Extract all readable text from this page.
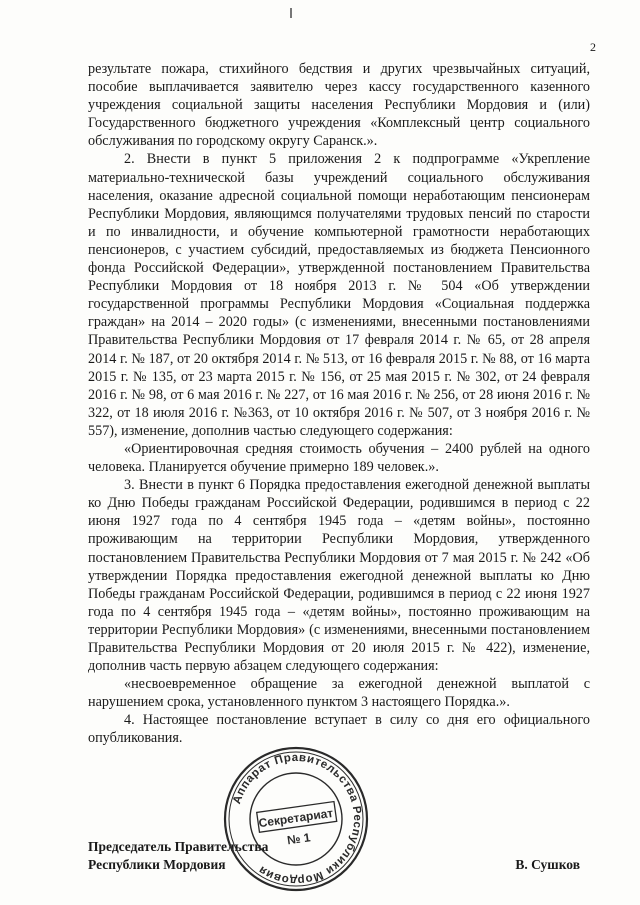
2

результате пожара, стихийного бедствия и других чрезвычайных ситуаций, пособие выплачивается заявителю через кассу государственного казенного учреждения социальной защиты населения Республики Мордовия и (или) Государственного бюджетного учреждения «Комплексный центр социального обслуживания по городскому округу Саранск.».

2. Внести в пункт 5 приложения 2 к подпрограмме «Укрепление материально-технической базы учреждений социального обслуживания населения, оказание адресной социальной помощи неработающим пенсионерам Республики Мордовия, являющимся получателями трудовых пенсий по старости и по инвалидности, и обучение компьютерной грамотности неработающих пенсионеров, с участием субсидий, предоставляемых из бюджета Пенсионного фонда Российской Федерации», утвержденной постановлением Правительства Республики Мордовия от 18 ноября 2013 г. № 504 «Об утверждении государственной программы Республики Мордовия «Социальная поддержка граждан» на 2014 – 2020 годы» (с изменениями, внесенными постановлениями Правительства Республики Мордовия от 17 февраля 2014 г. № 65, от 28 апреля 2014 г. № 187, от 20 октября 2014 г. № 513, от 16 февраля 2015 г. № 88, от 16 марта 2015 г. № 135, от 23 марта 2015 г. № 156, от 25 мая 2015 г. № 302, от 24 февраля 2016 г. № 98, от 6 мая 2016 г. № 227, от 16 мая 2016 г. № 256, от 28 июня 2016 г. № 322, от 18 июля 2016 г. №363, от 10 октября 2016 г. № 507, от 3 ноября 2016 г. № 557), изменение, дополнив частью следующего содержания:

«Ориентировочная средняя стоимость обучения – 2400 рублей на одного человека. Планируется обучение примерно 189 человек.».

3. Внести в пункт 6 Порядка предоставления ежегодной денежной выплаты ко Дню Победы гражданам Российской Федерации, родившимся в период с 22 июня 1927 года по 4 сентября 1945 года – «детям войны», постоянно проживающим на территории Республики Мордовия, утвержденного постановлением Правительства Республики Мордовия от 7 мая 2015 г. № 242 «Об утверждении Порядка предоставления ежегодной денежной выплаты ко Дню Победы гражданам Российской Федерации, родившимся в период с 22 июня 1927 года по 4 сентября 1945 года – «детям войны», постоянно проживающим на территории Республики Мордовия» (с изменениями, внесенными постановлением Правительства Республики Мордовия от 20 июля 2015 г. № 422), изменение, дополнив часть первую абзацем следующего содержания:

«несвоевременное обращение за ежегодной денежной выплатой с нарушением срока, установленного пунктом 3 настоящего Порядка.».

4. Настоящее постановление вступает в силу со дня его официального опубликования.

Председатель Правительства
Республики Мордовия	В. Сушков
Аппарат Правительства Республики Мордовия
Секретариат
№ 1
